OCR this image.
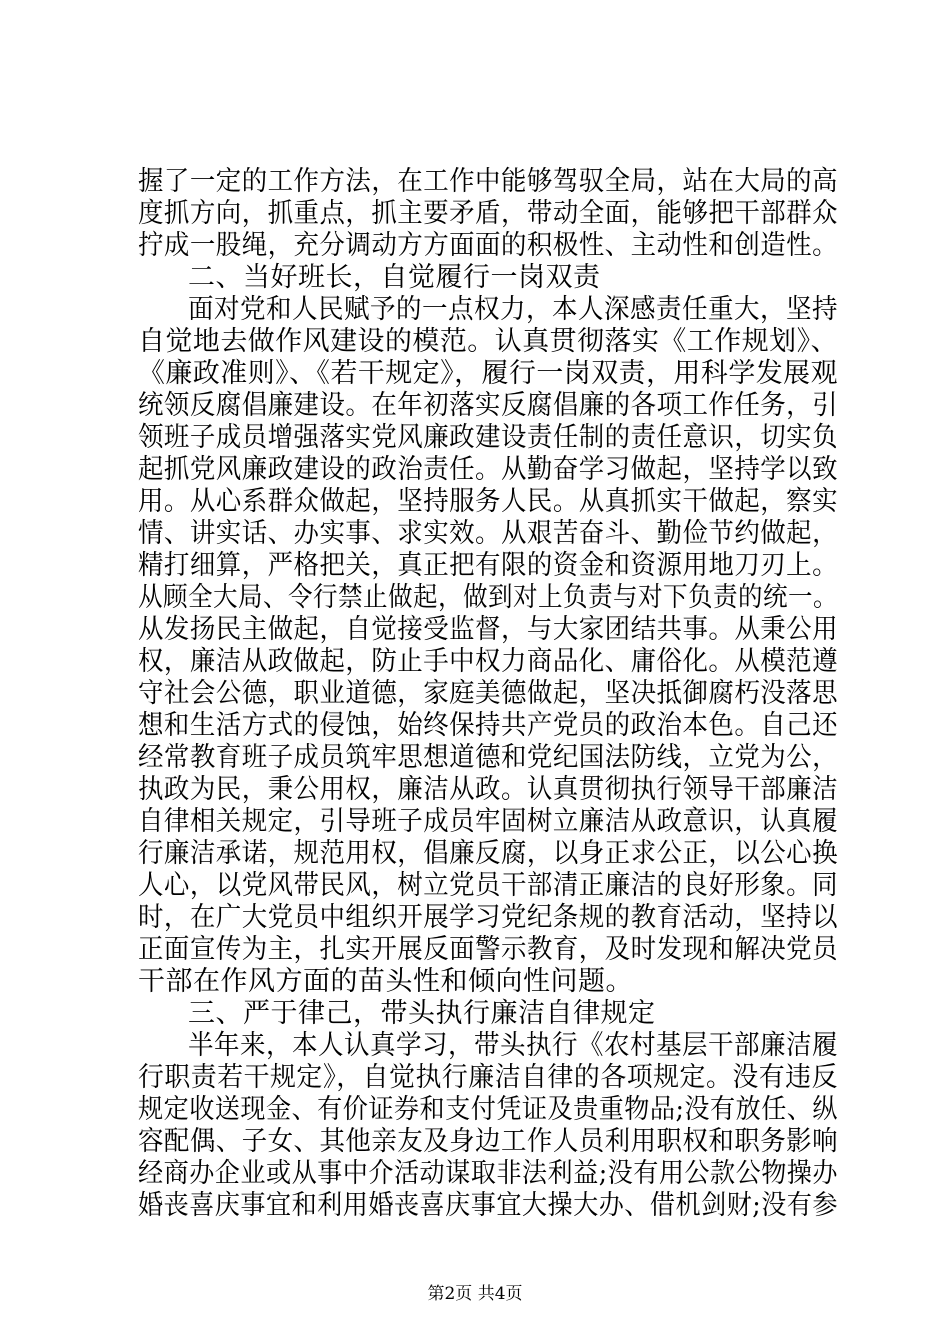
握了一定的工作方法，在工作中能够驾驭全局，站在大局的高
度抓方向，抓重点，抓主要矛盾，带动全面，能够把干部群众
拧成一股绳，充分调动方方面面的积极性、主动性和创造性。
二、当好班长，自觉履行一岗双责
面对党和人民赋予的一点权力，本人深感责任重大，坚持
自觉地去做作风建设的模范。认真贯彻落实《工作规划》、
《廉政准则》、《若干规定》，履行一岗双责，用科学发展观
统领反腐倡廉建设。在年初落实反腐倡廉的各项工作任务，引
领班子成员增强落实党风廉政建设责任制的责任意识，切实负
起抓党风廉政建设的政治责任。从勤奋学习做起，坚持学以致
用。从心系群众做起，坚持服务人民。从真抓实干做起，察实
情、讲实话、办实事、求实效。从艰苦奋斗、勤俭节约做起，
精打细算，严格把关，真正把有限的资金和资源用地刀刃上。
从顾全大局、令行禁止做起，做到对上负责与对下负责的统一。
从发扬民主做起，自觉接受监督，与大家团结共事。从秉公用
权，廉洁从政做起，防止手中权力商品化、庸俗化。从模范遵
守社会公德，职业道德，家庭美德做起，坚决抵御腐朽没落思
想和生活方式的侵蚀，始终保持共产党员的政治本色。自己还
经常教育班子成员筑牢思想道德和党纪国法防线，立党为公，
执政为民，秉公用权，廉洁从政。认真贯彻执行领导干部廉洁
自律相关规定，引导班子成员牢固树立廉洁从政意识，认真履
行廉洁承诺，规范用权，倡廉反腐，以身正求公正，以公心换
人心，以党风带民风，树立党员干部清正廉洁的良好形象。同
时，在广大党员中组织开展学习党纪条规的教育活动，坚持以
正面宣传为主，扎实开展反面警示教育，及时发现和解决党员
干部在作风方面的苗头性和倾向性问题。
三、严于律己，带头执行廉洁自律规定
半年来，本人认真学习，带头执行《农村基层干部廉洁履
行职责若干规定》，自觉执行廉洁自律的各项规定。没有违反
规定收送现金、有价证券和支付凭证及贵重物品;没有放任、纵
容配偶、子女、其他亲友及身边工作人员利用职权和职务影响
经商办企业或从事中介活动谋取非法利益;没有用公款公物操办
婚丧喜庆事宜和利用婚丧喜庆事宜大操大办、借机剑财;没有参
第2页 共4页
